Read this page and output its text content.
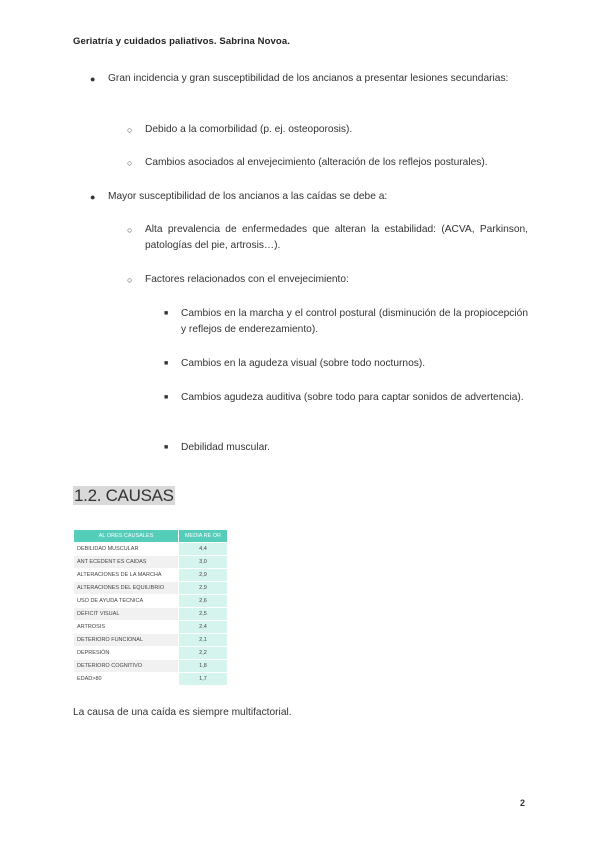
Geriatría y cuidados paliativos. Sabrina Novoa.
● Gran incidencia y gran susceptibilidad de los ancianos a presentar lesiones secundarias:
○ Debido a la comorbilidad (p. ej. osteoporosis).
○ Cambios asociados al envejecimiento (alteración de los reflejos posturales).
● Mayor susceptibilidad de los ancianos a las caídas se debe a:
○ Alta prevalencia de enfermedades que alteran la estabilidad: (ACVA, Parkinson, patologías del pie, artrosis…).
○ Factores relacionados con el envejecimiento:
■ Cambios en la marcha y el control postural (disminución de la propiocepción y reflejos de enderezamiento).
■ Cambios en la agudeza visual (sobre todo nocturnos).
■ Cambios agudeza auditiva (sobre todo para captar sonidos de advertencia).
■ Debilidad muscular.
1.2. CAUSAS
AL ORES CAUSALES	MEDIA RE OR
DEBILIDAD MUSCULAR	4,4
ANT ECEDENT ES CAIDAS	3,0
ALTERACIONES DE LA MARCHA	2,9
ALTERACIONES DEL EQUILIBRIO	2,9
USO DE AYUDA TECNICA	2,6
DÉFICIT VISUAL	2,5
ARTROSIS	2,4
DETERIORO FUNCIONAL	2,1
DEPRESIÓN	2,2
DETERIORO COGNITIVO	1,8
EDAD>80	1,7
La causa de una caída es siempre multifactorial.
2
